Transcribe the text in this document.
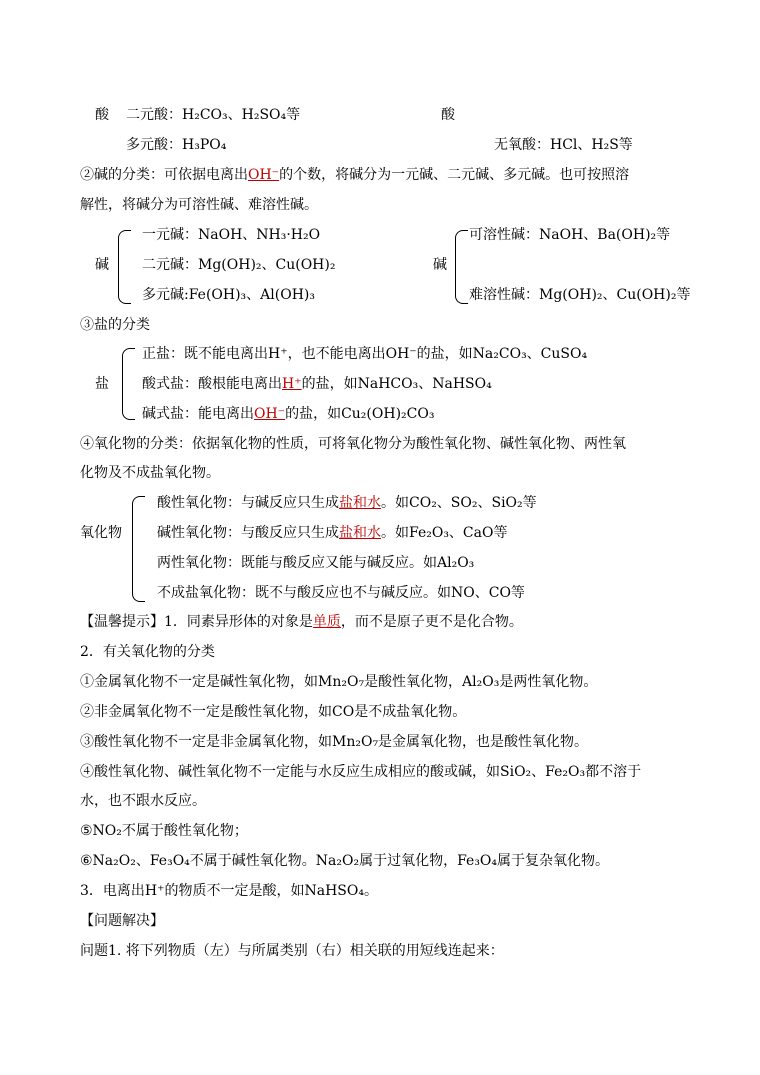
酸 二元酸：H₂CO₃、H₂SO₄等	酸
多元酸：H₃PO₄	无氧酸：HCl、H₂S等
②碱的分类：可依据电离出OH⁻的个数，将碱分为一元碱、二元碱、多元碱。也可按照溶
解性，将碱分为可溶性碱、难溶性碱。
碱
一元碱：NaOH、NH₃·H₂O
二元碱：Mg(OH)₂、Cu(OH)₂
多元碱:Fe(OH)₃、Al(OH)₃
碱
可溶性碱：NaOH、Ba(OH)₂等
难溶性碱：Mg(OH)₂、Cu(OH)₂等
③盐的分类
盐
正盐：既不能电离出H⁺，也不能电离出OH⁻的盐，如Na₂CO₃、CuSO₄
酸式盐：酸根能电离出H⁺的盐，如NaHCO₃、NaHSO₄
碱式盐：能电离出OH⁻的盐，如Cu₂(OH)₂CO₃
④氧化物的分类：依据氧化物的性质，可将氧化物分为酸性氧化物、碱性氧化物、两性氧
化物及不成盐氧化物。
氧化物
酸性氧化物：与碱反应只生成盐和水。如CO₂、SO₂、SiO₂等
碱性氧化物：与酸反应只生成盐和水。如Fe₂O₃、CaO等
两性氧化物：既能与酸反应又能与碱反应。如Al₂O₃
不成盐氧化物：既不与酸反应也不与碱反应。如NO、CO等
【温馨提示】1．同素异形体的对象是单质，而不是原子更不是化合物。
2．有关氧化物的分类
①金属氧化物不一定是碱性氧化物，如Mn₂O₇是酸性氧化物，Al₂O₃是两性氧化物。
②非金属氧化物不一定是酸性氧化物，如CO是不成盐氧化物。
③酸性氧化物不一定是非金属氧化物，如Mn₂O₇是金属氧化物，也是酸性氧化物。
④酸性氧化物、碱性氧化物不一定能与水反应生成相应的酸或碱，如SiO₂、Fe₂O₃都不溶于
水，也不跟水反应。
⑤NO₂不属于酸性氧化物；
⑥Na₂O₂、Fe₃O₄不属于碱性氧化物。Na₂O₂属于过氧化物，Fe₃O₄属于复杂氧化物。
3．电离出H⁺的物质不一定是酸，如NaHSO₄。
【问题解决】
问题1. 将下列物质（左）与所属类别（右）相关联的用短线连起来：
